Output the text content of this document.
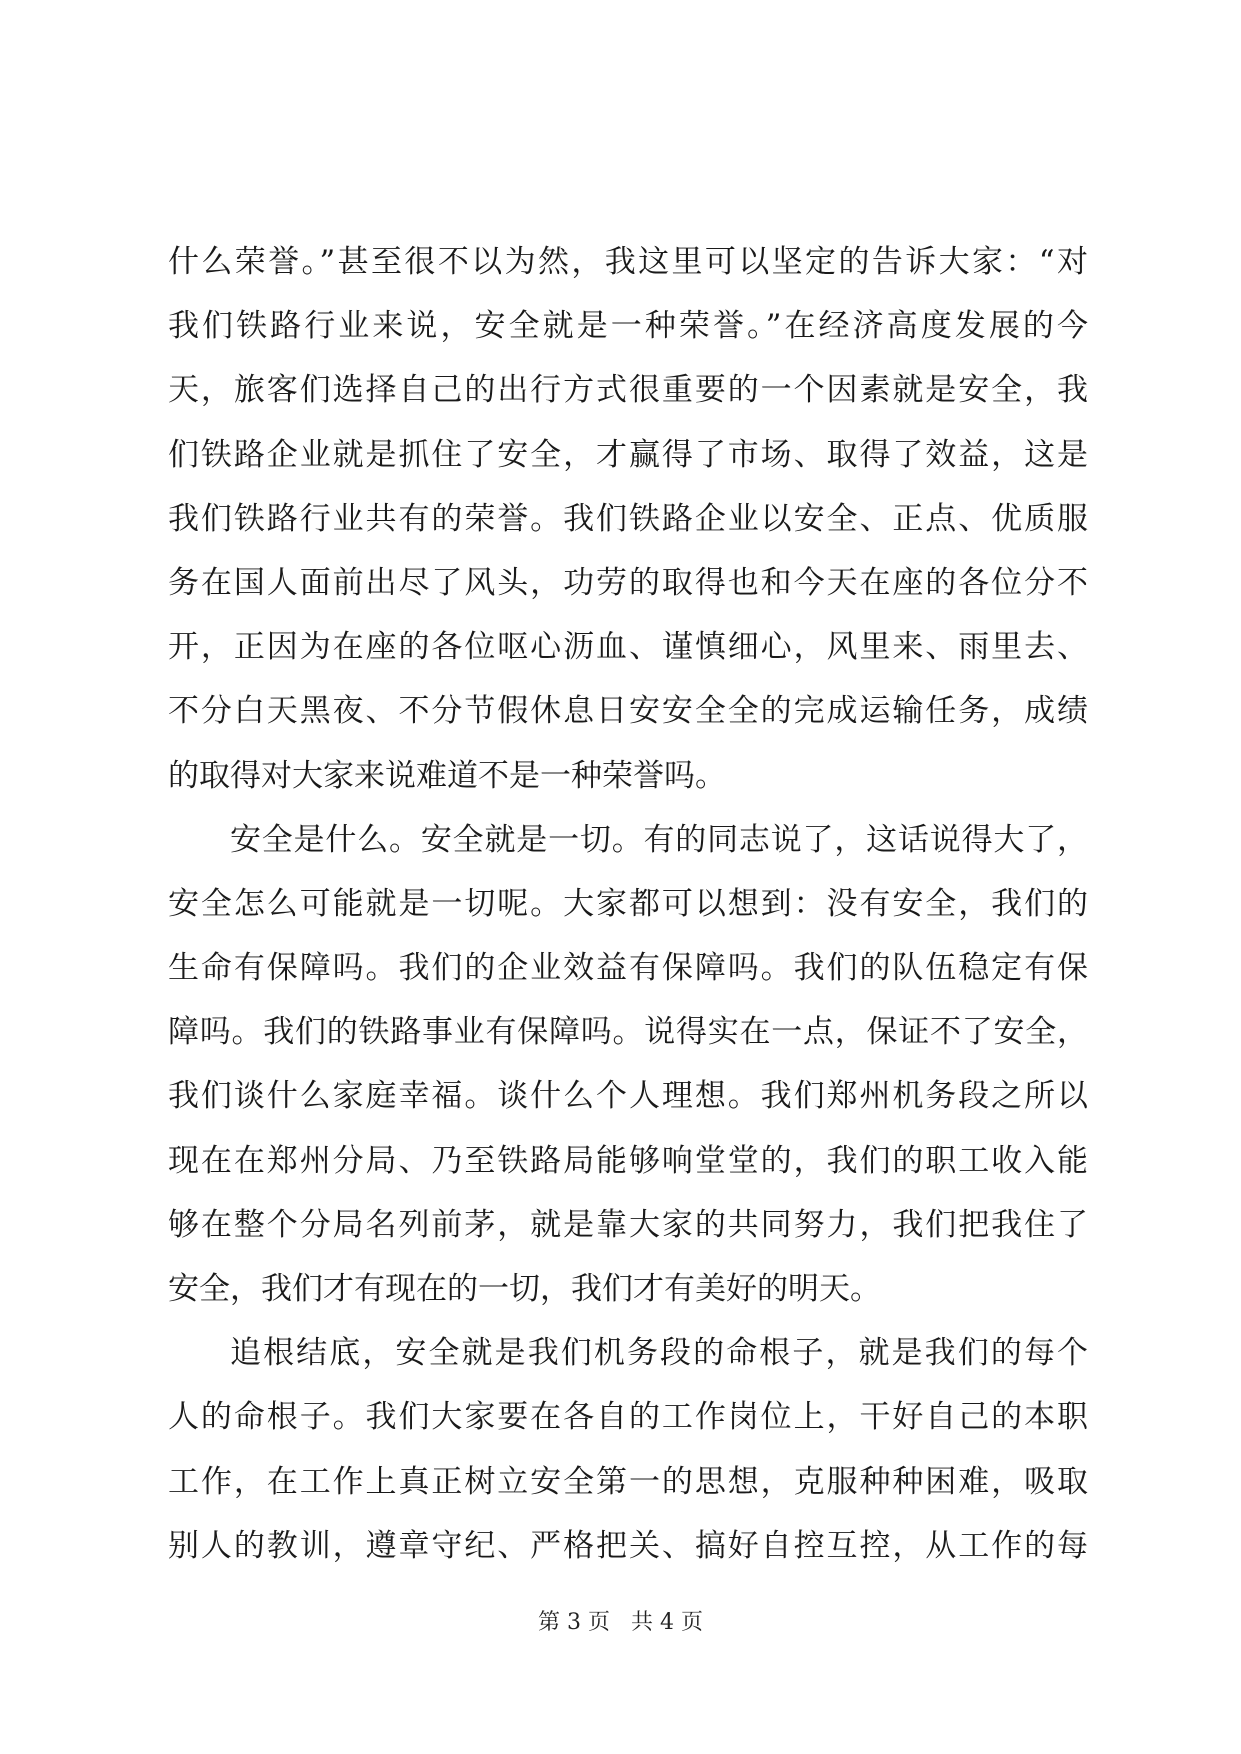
什么荣誉。”甚至很不以为然，我这里可以坚定的告诉大家：“对
我们铁路行业来说，安全就是一种荣誉。”在经济高度发展的今
天，旅客们选择自己的出行方式很重要的一个因素就是安全，我
们铁路企业就是抓住了安全，才赢得了市场、取得了效益，这是
我们铁路行业共有的荣誉。我们铁路企业以安全、正点、优质服
务在国人面前出尽了风头，功劳的取得也和今天在座的各位分不
开，正因为在座的各位呕心沥血、谨慎细心，风里来、雨里去、
不分白天黑夜、不分节假休息日安安全全的完成运输任务，成绩
的取得对大家来说难道不是一种荣誉吗。
安全是什么。安全就是一切。有的同志说了，这话说得大了，
安全怎么可能就是一切呢。大家都可以想到：没有安全，我们的
生命有保障吗。我们的企业效益有保障吗。我们的队伍稳定有保
障吗。我们的铁路事业有保障吗。说得实在一点，保证不了安全，
我们谈什么家庭幸福。谈什么个人理想。我们郑州机务段之所以
现在在郑州分局、乃至铁路局能够响堂堂的，我们的职工收入能
够在整个分局名列前茅，就是靠大家的共同努力，我们把我住了
安全，我们才有现在的一切，我们才有美好的明天。
追根结底，安全就是我们机务段的命根子，就是我们的每个
人的命根子。我们大家要在各自的工作岗位上，干好自己的本职
工作，在工作上真正树立安全第一的思想，克服种种困难，吸取
别人的教训，遵章守纪、严格把关、搞好自控互控，从工作的每
第 3 页   共 4 页
